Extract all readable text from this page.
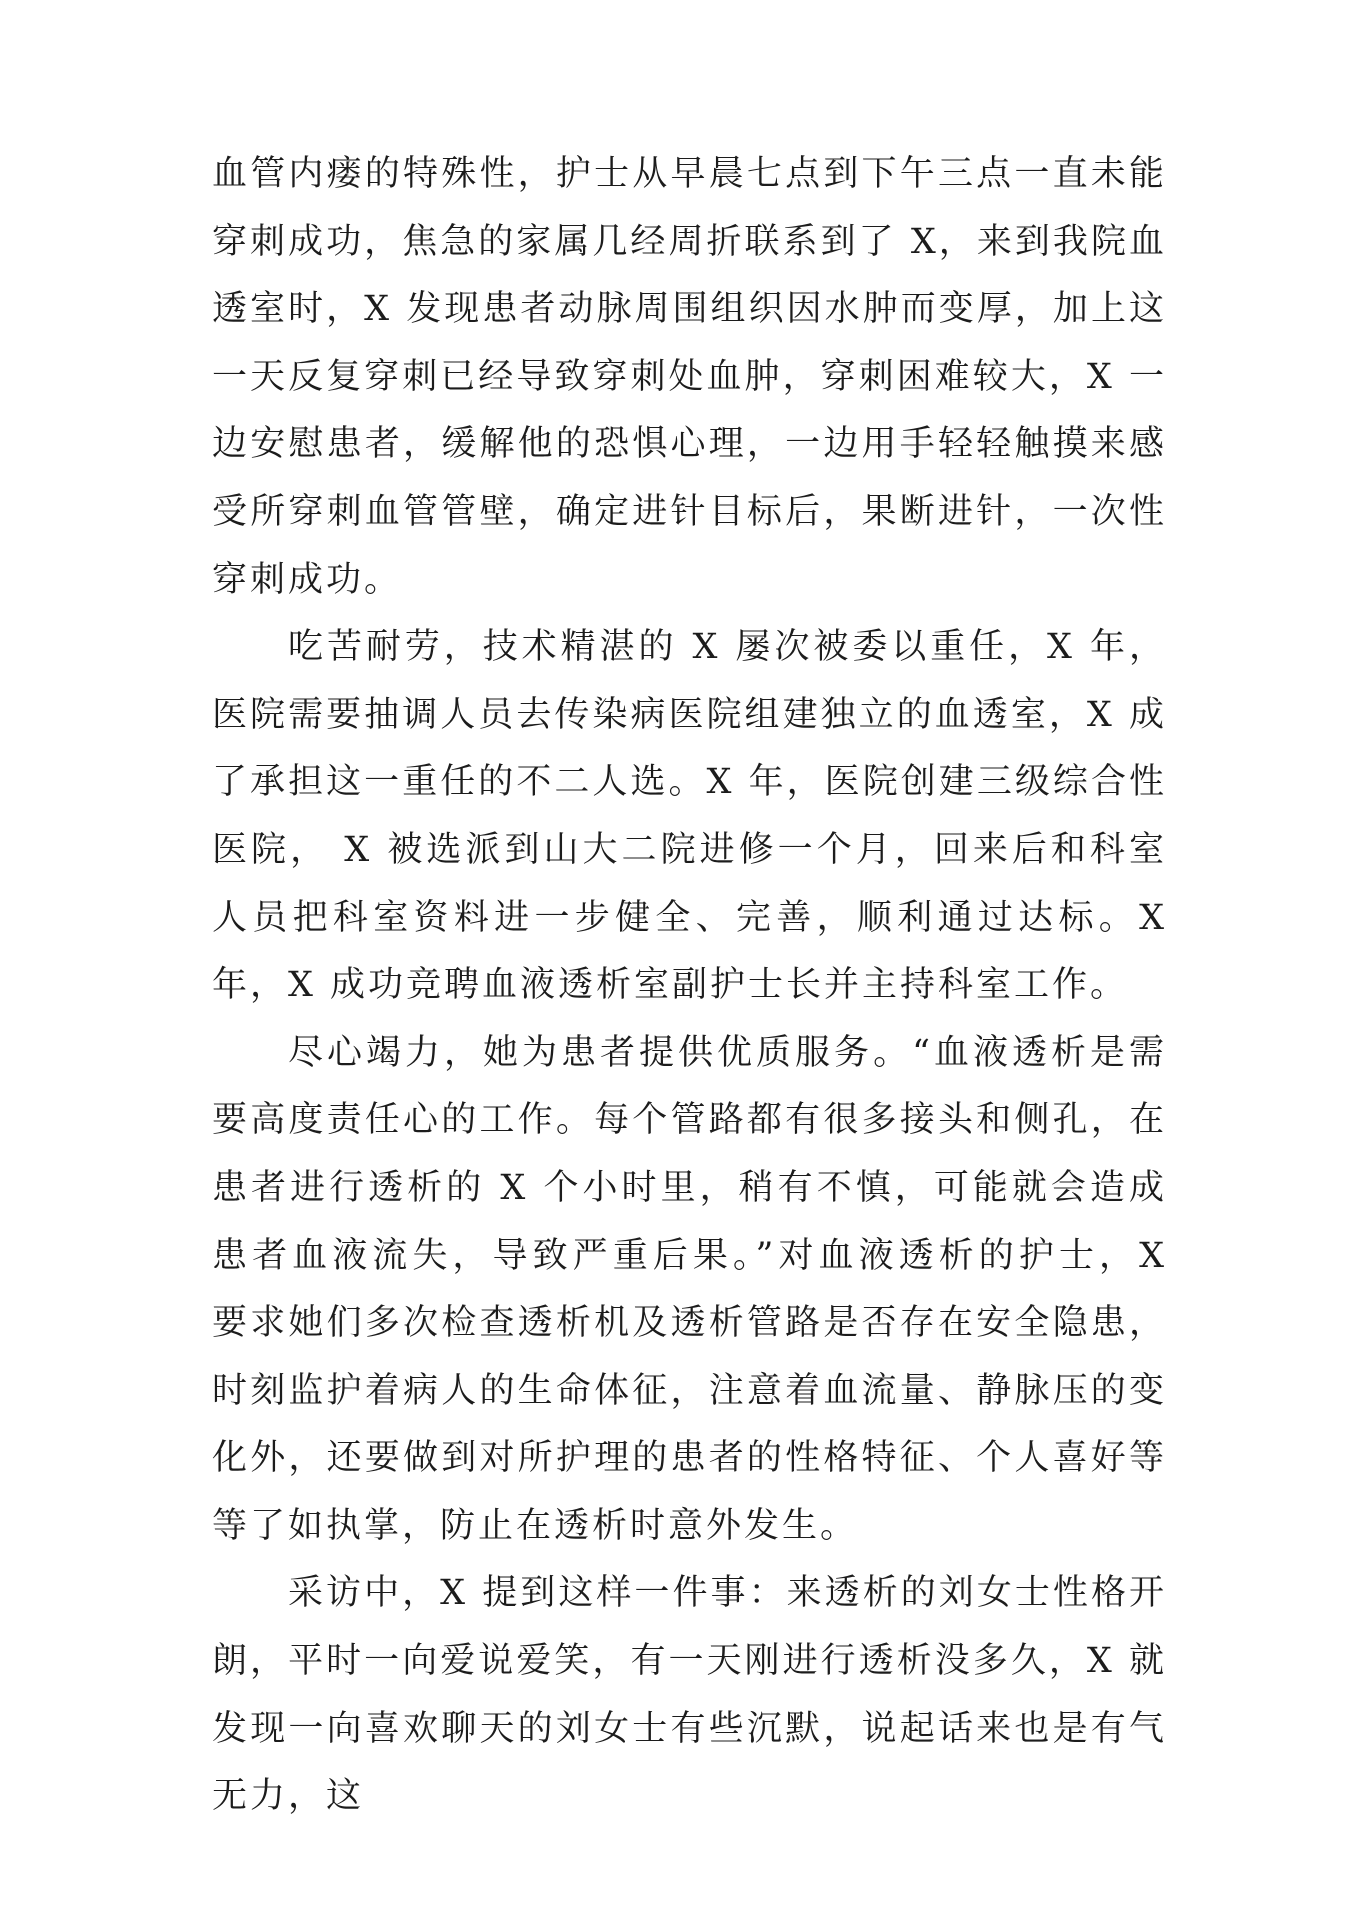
血管内瘘的特殊性，护士从早晨七点到下午三点一直未能穿刺成功，焦急的家属几经周折联系到了 X，来到我院血透室时，X 发现患者动脉周围组织因水肿而变厚，加上这一天反复穿刺已经导致穿刺处血肿，穿刺困难较大，X 一边安慰患者，缓解他的恐惧心理，一边用手轻轻触摸来感受所穿刺血管管壁，确定进针目标后，果断进针，一次性穿刺成功。

吃苦耐劳，技术精湛的 X 屡次被委以重任，X 年，医院需要抽调人员去传染病医院组建独立的血透室，X 成了承担这一重任的不二人选。X 年，医院创建三级综合性医院， X 被选派到山大二院进修一个月，回来后和科室人员把科室资料进一步健全、完善，顺利通过达标。X 年，X 成功竞聘血液透析室副护士长并主持科室工作。

尽心竭力，她为患者提供优质服务。“血液透析是需要高度责任心的工作。每个管路都有很多接头和侧孔，在患者进行透析的 X 个小时里，稍有不慎，可能就会造成患者血液流失，导致严重后果。”对血液透析的护士，X 要求她们多次检查透析机及透析管路是否存在安全隐患，时刻监护着病人的生命体征，注意着血流量、静脉压的变化外，还要做到对所护理的患者的性格特征、个人喜好等等了如执掌，防止在透析时意外发生。

采访中，X 提到这样一件事：来透析的刘女士性格开朗，平时一向爱说爱笑，有一天刚进行透析没多久，X 就发现一向喜欢聊天的刘女士有些沉默，说起话来也是有气无力，这
